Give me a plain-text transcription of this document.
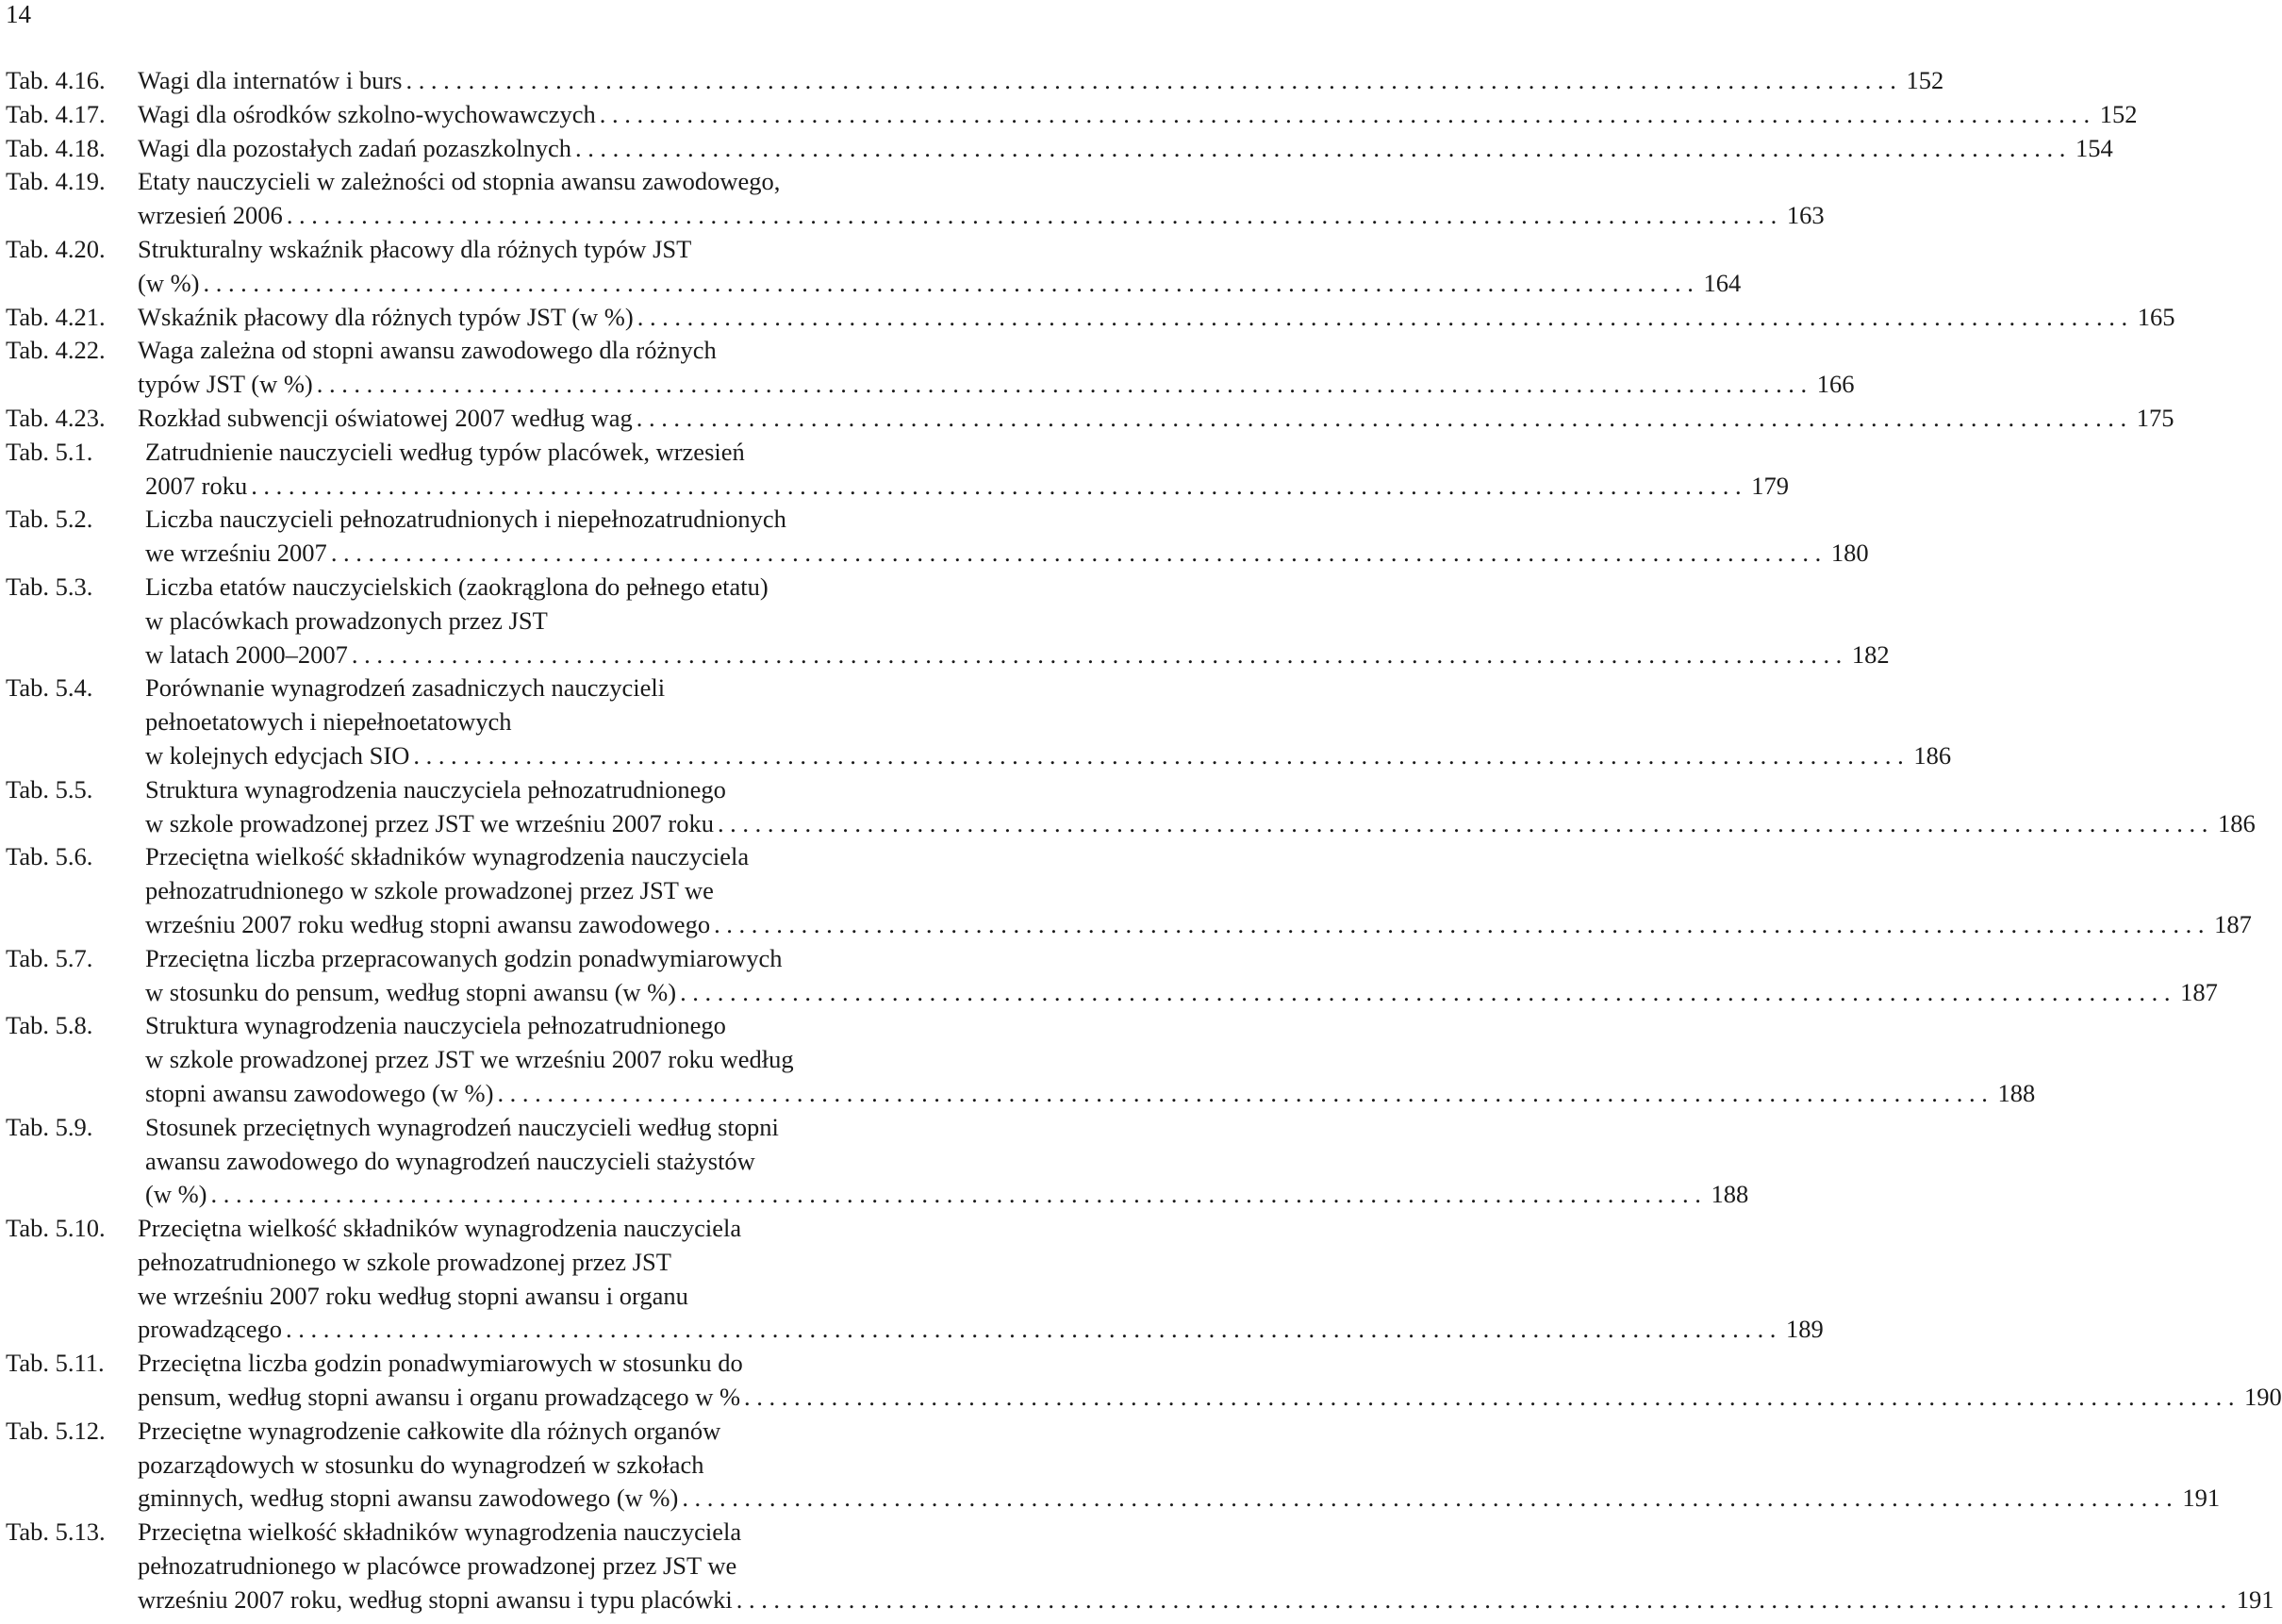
14
Tab. 4.16. Wagi dla internatów i burs ........................................................................................................................ 152
Tab. 4.17. Wagi dla ośrodków szkolno-wychowawczych ........................................................................................................................ 152
Tab. 4.18. Wagi dla pozostałych zadań pozaszkolnych ........................................................................................................................ 154
Tab. 4.19. Etaty nauczycieli w zależności od stopnia awansu zawodowego,
wrzesień 2006 ........................................................................................................................ 163
Tab. 4.20. Strukturalny wskaźnik płacowy dla różnych typów JST
(w %) ........................................................................................................................ 164
Tab. 4.21. Wskaźnik płacowy dla różnych typów JST (w %) ........................................................................................................................ 165
Tab. 4.22. Waga zależna od stopni awansu zawodowego dla różnych
typów JST (w %) ........................................................................................................................ 166
Tab. 4.23. Rozkład subwencji oświatowej 2007 według wag ........................................................................................................................ 175
Tab. 5.1. Zatrudnienie nauczycieli według typów placówek, wrzesień
2007 roku ........................................................................................................................ 179
Tab. 5.2. Liczba nauczycieli pełnozatrudnionych i niepełnozatrudnionych
we wrześniu 2007 ........................................................................................................................ 180
Tab. 5.3. Liczba etatów nauczycielskich (zaokrąglona do pełnego etatu)
w placówkach prowadzonych przez JST
w latach 2000–2007 ........................................................................................................................ 182
Tab. 5.4. Porównanie wynagrodzeń zasadniczych nauczycieli
pełnoetatowych i niepełnoetatowych
w kolejnych edycjach SIO ........................................................................................................................ 186
Tab. 5.5. Struktura wynagrodzenia nauczyciela pełnozatrudnionego
w szkole prowadzonej przez JST we wrześniu 2007 roku ........................................................................................................................ 186
Tab. 5.6. Przeciętna wielkość składników wynagrodzenia nauczyciela
pełnozatrudnionego w szkole prowadzonej przez JST we
wrześniu 2007 roku według stopni awansu zawodowego ........................................................................................................................ 187
Tab. 5.7. Przeciętna liczba przepracowanych godzin ponadwymiarowych
w stosunku do pensum, według stopni awansu (w %) ........................................................................................................................ 187
Tab. 5.8. Struktura wynagrodzenia nauczyciela pełnozatrudnionego
w szkole prowadzonej przez JST we wrześniu 2007 roku według
stopni awansu zawodowego (w %) ........................................................................................................................ 188
Tab. 5.9. Stosunek przeciętnych wynagrodzeń nauczycieli według stopni
awansu zawodowego do wynagrodzeń nauczycieli stażystów
(w %) ........................................................................................................................ 188
Tab. 5.10. Przeciętna wielkość składników wynagrodzenia nauczyciela
pełnozatrudnionego w szkole prowadzonej przez JST
we wrześniu 2007 roku według stopni awansu i organu
prowadzącego ........................................................................................................................ 189
Tab. 5.11. Przeciętna liczba godzin ponadwymiarowych w stosunku do
pensum, według stopni awansu i organu prowadzącego w % ........................................................................................................................ 190
Tab. 5.12. Przeciętne wynagrodzenie całkowite dla różnych organów
pozarządowych w stosunku do wynagrodzeń w szkołach
gminnych, według stopni awansu zawodowego (w %) ........................................................................................................................ 191
Tab. 5.13. Przeciętna wielkość składników wynagrodzenia nauczyciela
pełnozatrudnionego w placówce prowadzonej przez JST we
wrześniu 2007 roku, według stopni awansu i typu placówki ........................................................................................................................ 191
